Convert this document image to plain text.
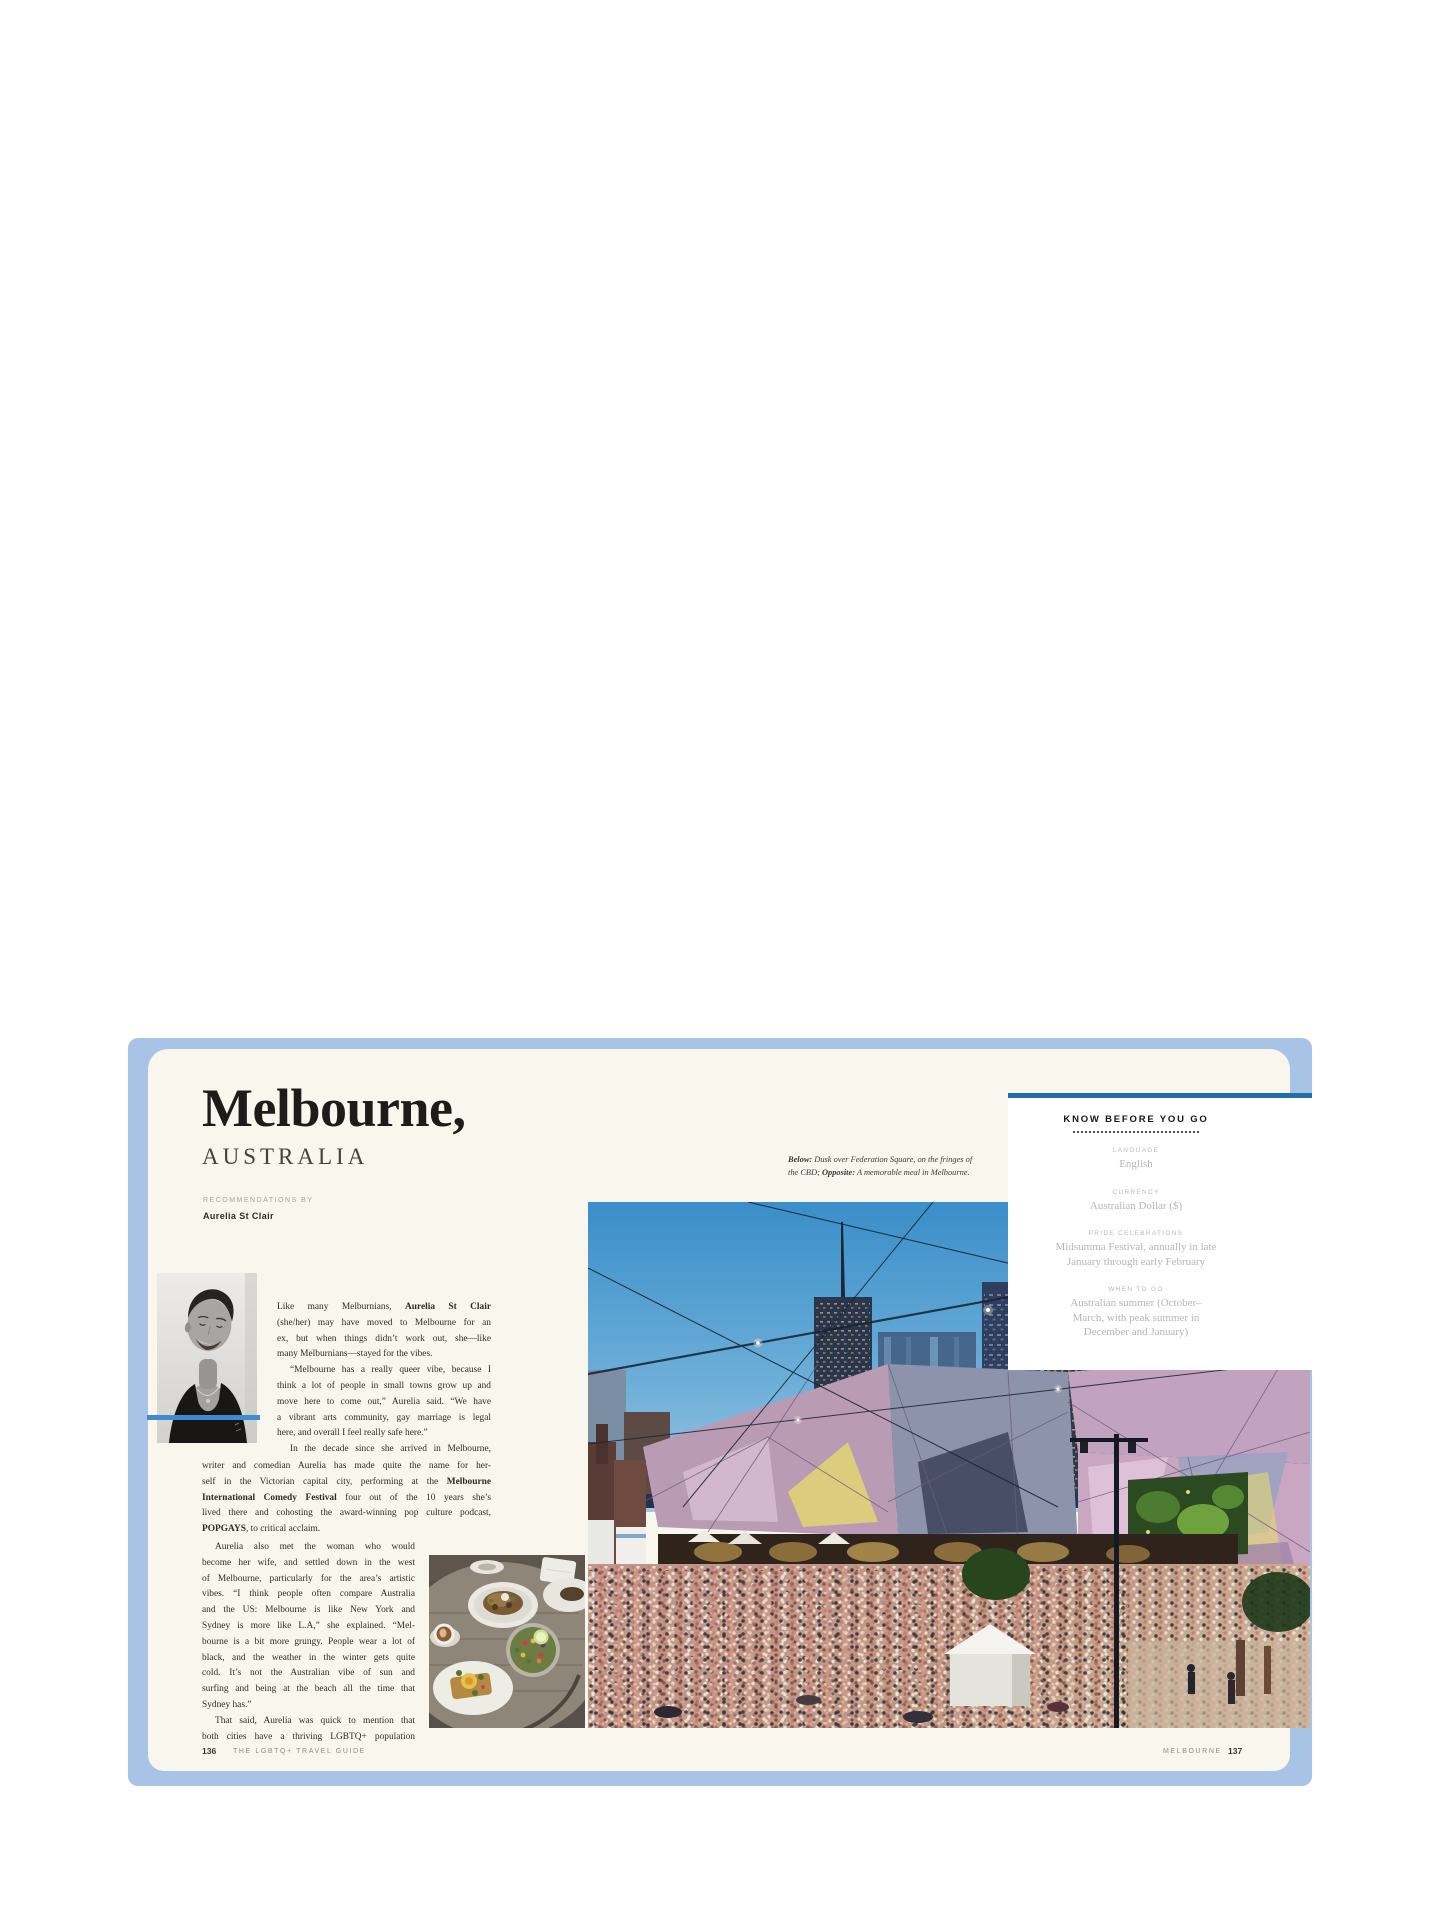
Melbourne,
AUSTRALIA
RECOMMENDATIONS BY
Aurelia St Clair
Like many Melburnians, Aurelia St Clair
(she/her) may have moved to Melbourne for an
ex, but when things didn’t work out, she—like
many Melburnians—stayed for the vibes.
“Melbourne has a really queer vibe, because I
think a lot of people in small towns grow up and
move here to come out,” Aurelia said. “We have
a vibrant arts community, gay marriage is legal
here, and overall I feel really safe here.”
In the decade since she arrived in Melbourne,
writer and comedian Aurelia has made quite the name for her-
self in the Victorian capital city, performing at the Melbourne
International Comedy Festival four out of the 10 years she’s
lived there and cohosting the award-winning pop culture podcast,
POPGAYS, to critical acclaim.
Aurelia also met the woman who would
become her wife, and settled down in the west
of Melbourne, particularly for the area’s artistic
vibes. “I think people often compare Australia
and the US: Melbourne is like New York and
Sydney is more like L.A,” she explained. “Mel-
bourne is a bit more grungy. People wear a lot of
black, and the weather in the winter gets quite
cold. It’s not the Australian vibe of sun and
surfing and being at the beach all the time that
Sydney has.”
That said, Aurelia was quick to mention that
both cities have a thriving LGBTQ+ population
Below: Dusk over Federation Square, on the fringes of
the CBD; Opposite: A memorable meal in Melbourne.
KNOW BEFORE YOU GO
LANGUAGE
English
CURRENCY
Australian Dollar ($)
PRIDE CELEBRATIONS
Midsumma Festival, annually in late
January through early February
WHEN TO GO
Australian summer (October–
March, with peak summer in
December and January)
136 THE LGBTQ+ TRAVEL GUIDE	MELBOURNE 137
